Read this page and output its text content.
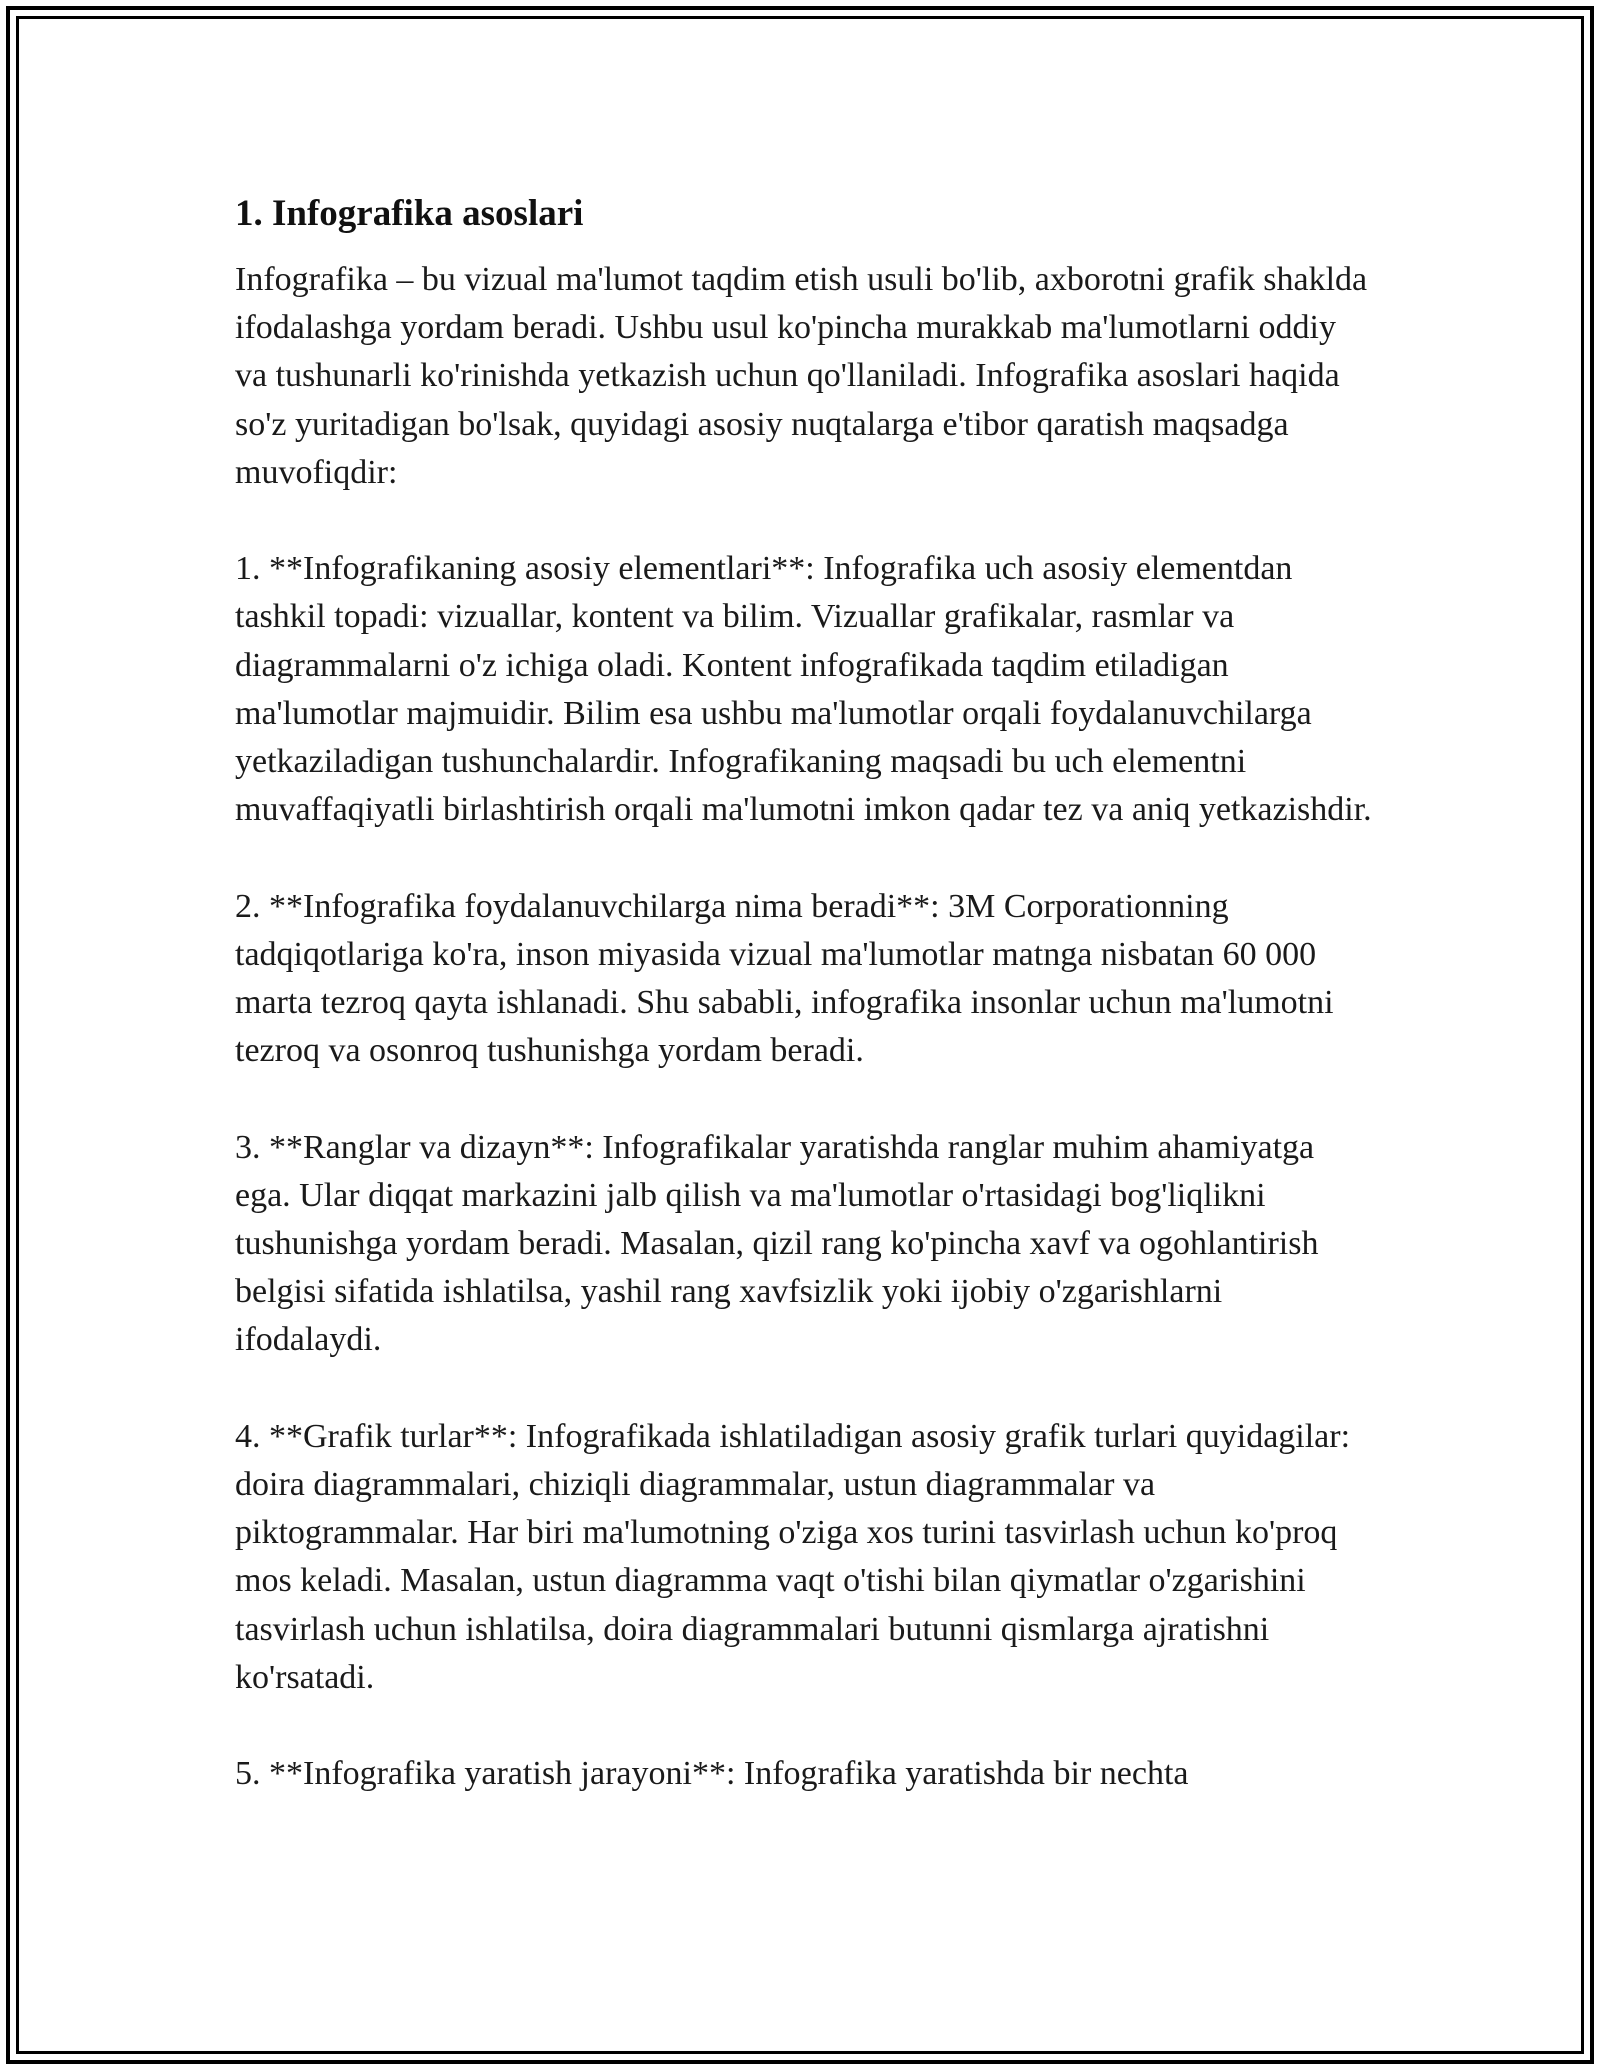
1. Infografika asoslari

Infografika – bu vizual ma'lumot taqdim etish usuli bo'lib, axborotni grafik shaklda ifodalashga yordam beradi. Ushbu usul ko'pincha murakkab ma'lumotlarni oddiy va tushunarli ko'rinishda yetkazish uchun qo'llaniladi. Infografika asoslari haqida so'z yuritadigan bo'lsak, quyidagi asosiy nuqtalarga e'tibor qaratish maqsadga muvofiqdir:

1. **Infografikaning asosiy elementlari**: Infografika uch asosiy elementdan tashkil topadi: vizuallar, kontent va bilim. Vizuallar grafikalar, rasmlar va diagrammalarni o'z ichiga oladi. Kontent infografikada taqdim etiladigan ma'lumotlar majmuidir. Bilim esa ushbu ma'lumotlar orqali foydalanuvchilarga yetkaziladigan tushunchalardir. Infografikaning maqsadi bu uch elementni muvaffaqiyatli birlashtirish orqali ma'lumotni imkon qadar tez va aniq yetkazishdir.

2. **Infografika foydalanuvchilarga nima beradi**: 3M Corporationning tadqiqotlariga ko'ra, inson miyasida vizual ma'lumotlar matnga nisbatan 60 000 marta tezroq qayta ishlanadi. Shu sababli, infografika insonlar uchun ma'lumotni tezroq va osonroq tushunishga yordam beradi.

3. **Ranglar va dizayn**: Infografikalar yaratishda ranglar muhim ahamiyatga ega. Ular diqqat markazini jalb qilish va ma'lumotlar o'rtasidagi bog'liqlikni tushunishga yordam beradi. Masalan, qizil rang ko'pincha xavf va ogohlantirish belgisi sifatida ishlatilsa, yashil rang xavfsizlik yoki ijobiy o'zgarishlarni ifodalaydi.

4. **Grafik turlar**: Infografikada ishlatiladigan asosiy grafik turlari quyidagilar: doira diagrammalari, chiziqli diagrammalar, ustun diagrammalar va piktogrammalar. Har biri ma'lumotning o'ziga xos turini tasvirlash uchun ko'proq mos keladi. Masalan, ustun diagramma vaqt o'tishi bilan qiymatlar o'zgarishini tasvirlash uchun ishlatilsa, doira diagrammalari butunni qismlarga ajratishni ko'rsatadi.

5. **Infografika yaratish jarayoni**: Infografika yaratishda bir nechta
